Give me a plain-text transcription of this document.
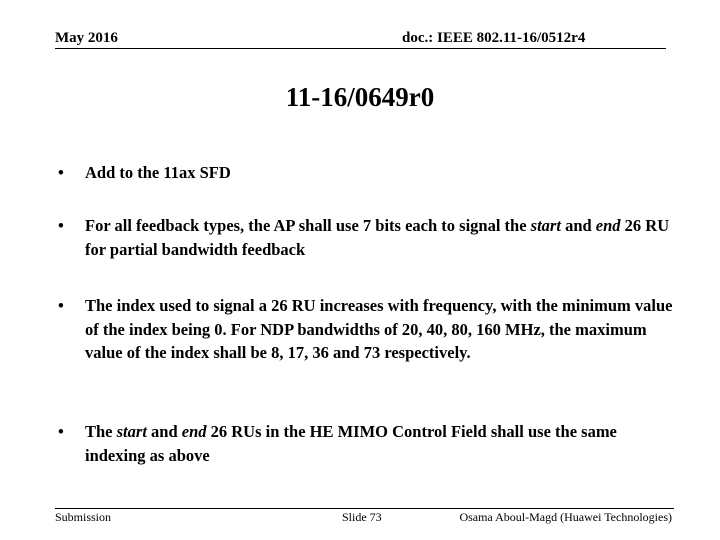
May 2016	doc.: IEEE 802.11-16/0512r4
11-16/0649r0
• Add to the 11ax SFD
• For all feedback types, the AP shall use 7 bits each to signal the start and end 26 RU for partial bandwidth feedback
• The index used to signal a 26 RU increases with frequency, with the minimum value of the index being 0. For NDP bandwidths of 20, 40, 80, 160 MHz, the maximum value of the index shall be 8, 17, 36 and 73 respectively.
• The start and end 26 RUs in the HE MIMO Control Field shall use the same indexing as above
Submission	Slide 73	Osama Aboul-Magd (Huawei Technologies)
